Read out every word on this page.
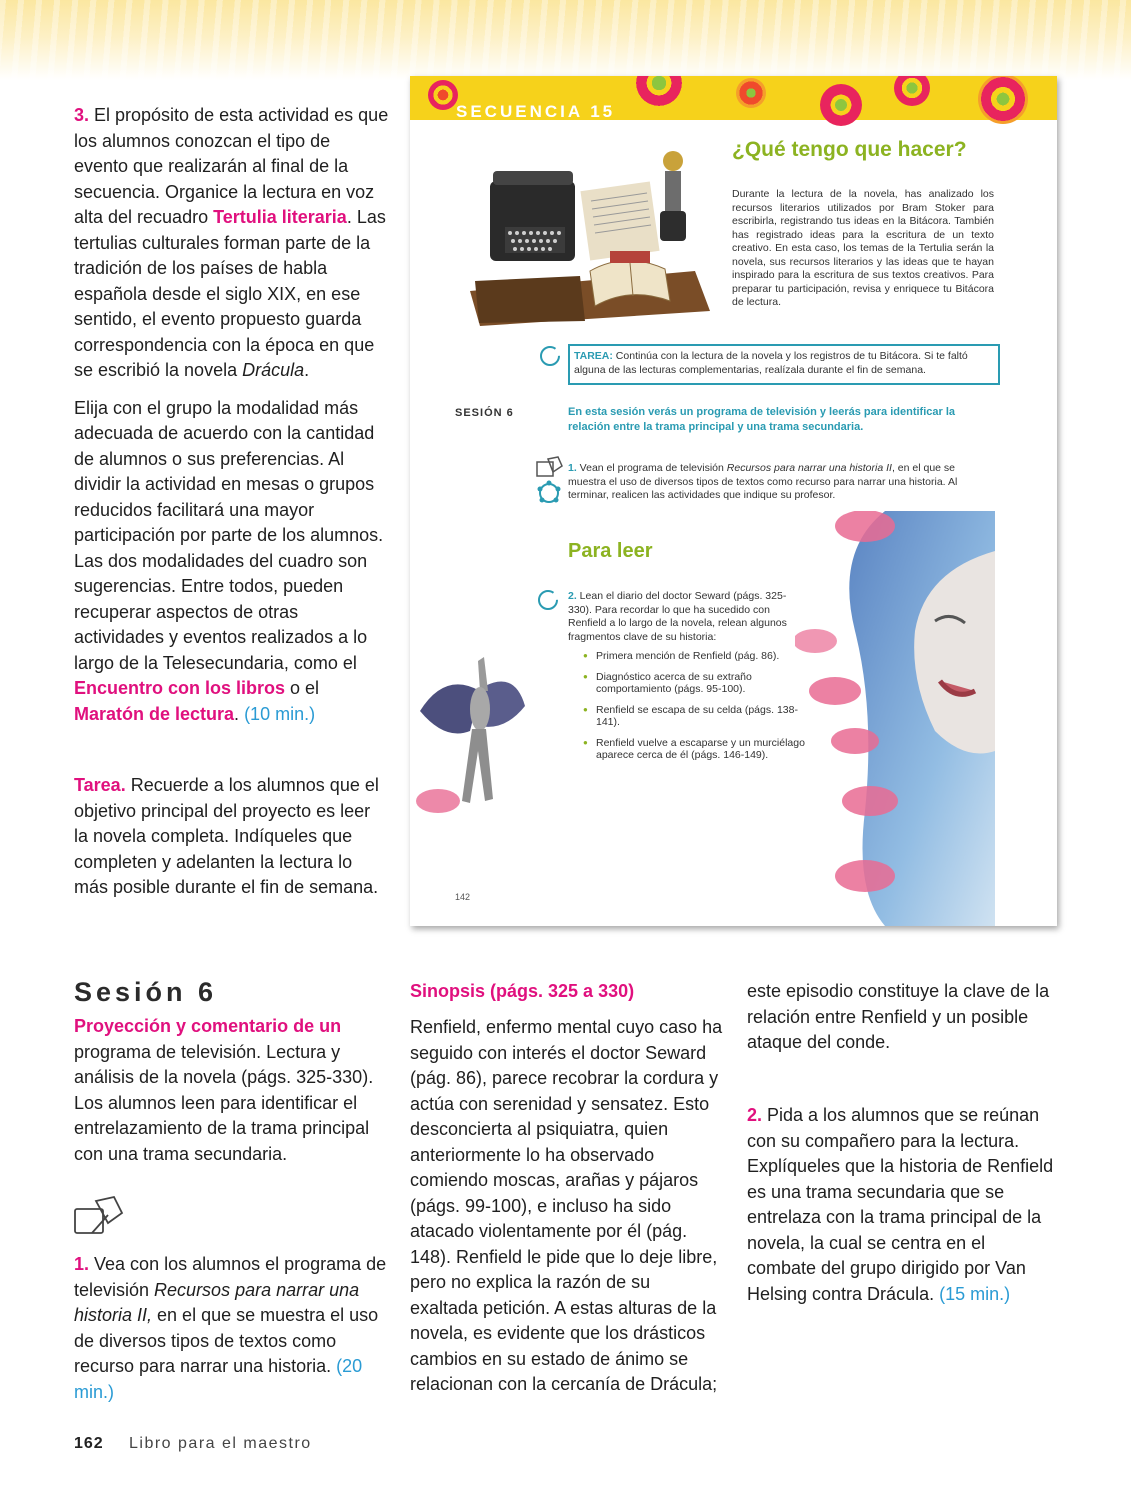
3. El propósito de esta actividad es que los alumnos conozcan el tipo de evento que realizarán al final de la secuencia. Organice la lectura en voz alta del recuadro Tertulia literaria. Las tertulias culturales forman parte de la tradición de los países de habla española desde el siglo XIX, en ese sentido, el evento propuesto guarda correspondencia con la época en que se escribió la novela Drácula.

Elija con el grupo la modalidad más adecuada de acuerdo con la cantidad de alumnos o sus preferencias. Al dividir la actividad en mesas o grupos reducidos facilitará una mayor participación por parte de los alumnos. Las dos modalidades del cuadro son sugerencias. Entre todos, pueden recuperar aspectos de otras actividades y eventos realizados a lo largo de la Telesecundaria, como el Encuentro con los libros o el Maratón de lectura. (10 min.)

Tarea. Recuerde a los alumnos que el objetivo principal del proyecto es leer la novela completa. Indíqueles que completen y adelanten la lectura lo más posible durante el fin de semana.

SECUENCIA 15
¿Qué tengo que hacer?
Durante la lectura de la novela, has analizado los recursos literarios utilizados por Bram Stoker para escribirla, registrando tus ideas en la Bitácora. También has registrado ideas para la escritura de un texto creativo. En esta caso, los temas de la Tertulia serán la novela, sus recursos literarios y las ideas que te hayan inspirado para la escritura de sus textos creativos. Para preparar tu participación, revisa y enriquece tu Bitácora de lectura.
TAREA: Continúa con la lectura de la novela y los registros de tu Bitácora. Si te faltó alguna de las lecturas complementarias, realízala durante el fin de semana.
SESIÓN 6	En esta sesión verás un programa de televisión y leerás para identificar la relación entre la trama principal y una trama secundaria.
1. Vean el programa de televisión Recursos para narrar una historia II, en el que se muestra el uso de diversos tipos de textos como recurso para narrar una historia. Al terminar, realicen las actividades que indique su profesor.
Para leer
2. Lean el diario del doctor Seward (págs. 325-330). Para recordar lo que ha sucedido con Renfield a lo largo de la novela, relean algunos fragmentos clave de su historia:
● Primera mención de Renfield (pág. 86).
● Diagnóstico acerca de su extraño comportamiento (págs. 95-100).
● Renfield se escapa de su celda (págs. 138-141).
● Renfield vuelve a escaparse y un murciélago aparece cerca de él (págs. 146-149).
142
Sesión 6
Proyección y comentario de un
programa de televisión. Lectura y análisis de la novela (págs. 325-330). Los alumnos leen para identificar el entrelazamiento de la trama principal con una trama secundaria.
1. Vea con los alumnos el programa de televisión Recursos para narrar una historia II, en el que se muestra el uso de diversos tipos de textos como recurso para narrar una historia. (20 min.)
Sinopsis (págs. 325 a 330)
Renfield, enfermo mental cuyo caso ha seguido con interés el doctor Seward (pág. 86), parece recobrar la cordura y actúa con serenidad y sensatez. Esto desconcierta al psiquiatra, quien anteriormente lo ha observado comiendo moscas, arañas y pájaros (págs. 99-100), e incluso ha sido atacado violentamente por él (pág. 148). Renfield le pide que lo deje libre, pero no explica la razón de su exaltada petición. A estas alturas de la novela, es evidente que los drásticos cambios en su estado de ánimo se relacionan con la cercanía de Drácula;
este episodio constituye la clave de la relación entre Renfield y un posible ataque del conde.
2. Pida a los alumnos que se reúnan con su compañero para la lectura. Explíqueles que la historia de Renfield es una trama secundaria que se entrelaza con la trama principal de la novela, la cual se centra en el combate del grupo dirigido por Van Helsing contra Drácula. (15 min.)
162 Libro para el maestro
